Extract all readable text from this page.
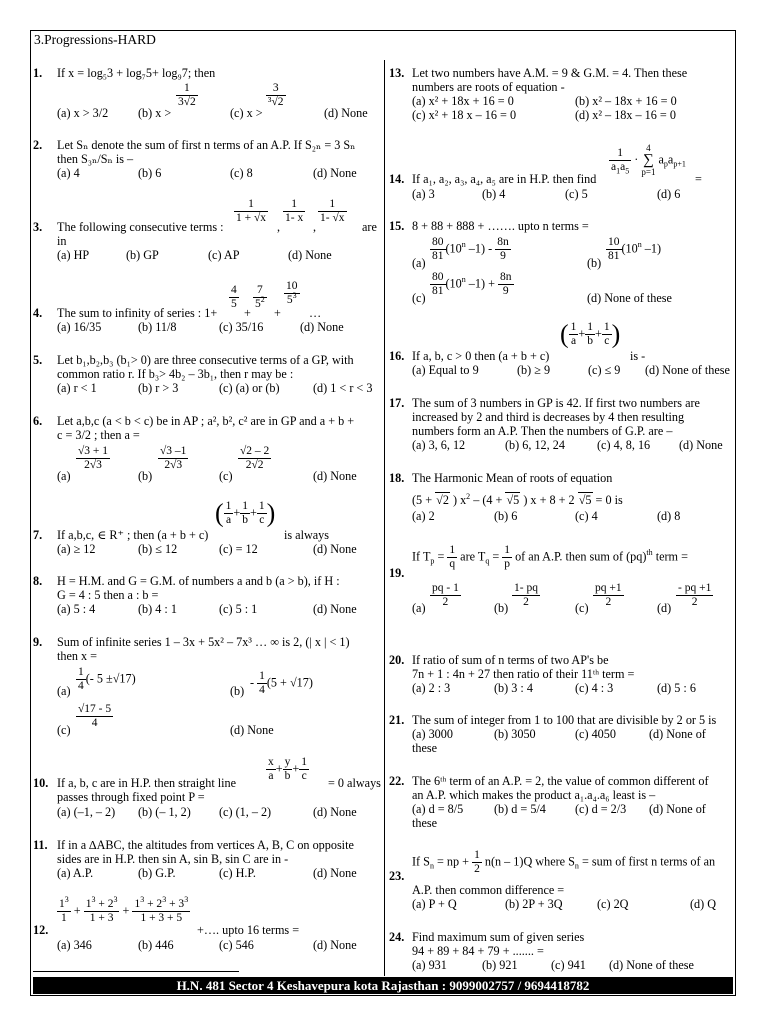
3.Progressions-HARD
1. If x = log₅3 + log₇5+ log₉7; then
(a) x > 3/2 (b) x >
$\frac{1}{3√2}$
(c) x >
$\frac{3}{\text{³√2}}$
(d) None
2. Let Sₙ denote the sum of first n terms of an A.P. If S₂ₙ = 3 Sₙ
then S₃ₙ/Sₙ is –
(a) 4	(b) 6	(c) 8	(d) None
3. The following consecutive terms :
$\frac{1}{1 + √x}$
,
$\frac{1}{1- x}$
,
$\frac{1}{1- √x}$
are
in
(a) HP	(b) GP	(c) AP	(d) None
4. The sum to infinity of series : 1+
$\frac{4}{5}$
+
$\frac{7}{5^2}$
+
$\frac{10}{5^3}$
…
(a) 16/35	(b) 11/8	(c) 35/16	(d) None
5. Let b₁,b₂,b₃ (b₁> 0) are three consecutive terms of a GP, with
common ratio r. If b₃> 4b₂ – 3b₁, then r may be :
(a) r < 1	(b) r > 3	(c) (a) or (b)	(d) 1 < r < 3
6. Let a,b,c (a < b < c) be in AP ; a², b², c² are in GP and a + b +
c = 3/2 ; then a =
(a)
$\frac{√3 + 1}{2√3}$
(b)
$\frac{√3 -1}{2√3}$
(c)
$\frac{√2 - 2}{2√2}$
(d) None
7. If a,b,c, ∈ R⁺ ; then (a + b + c)
( $\frac{1}{a} + \frac{1}{b} + \frac{1}{c}$ )
is always
(a) ≥ 12	(b) ≤ 12	(c) = 12	(d) None
8. H = H.M. and G = G.M. of numbers a and b (a > b), if H :
G = 4 : 5 then a : b =
(a) 5 : 4	(b) 4 : 1	(c) 5 : 1	(d) None
9. Sum of infinite series 1 – 3x + 5x² – 7x³ … ∞ is 2, (| x | < 1)
then x =
$(a) \frac{1}{4}$ (- 5 ±√17)
(b)
- $\frac{1}{4} (5 + √17)$
$(c) \frac{√17 - 5}{4}$	(d) None
10. If a, b, c are in H.P. then straight line	$\frac{x}{a} + \frac{y}{b} + \frac{1}{c} = 0$ always
passes through fixed point P =
(a) (–1, – 2) (b) (– 1, 2) (c) (1, – 2)	(d) None
11. If in a ∆ABC, the altitudes from vertices A, B, C on opposite
sides are in H.P. then sin A, sin B, sin C are in -
(a) A.P.	(b) G.P.	(c) H.P.	(d) None
12.
$\frac{1^3}{1} + \frac{1^3 + 2^3}{1 + 3} + \frac{1^3 + 2^3 + 3^3}{1 + 3 + 5}$
+…. upto 16 terms =
(a) 346	(b) 446	(c) 546	(d) None
13. Let two numbers have A.M. = 9 & G.M. = 4. Then these
numbers are roots of equation -
(a) x² + 18x + 16 = 0	(b) x² – 18x + 16 = 0
(c) x² + 18 x – 16 = 0	(d) x² – 18x – 16 = 0
14. If a₁, a₂, a₃, a₄, a₅ are in H.P. then find
$\frac{1}{a_1a_5} \cdot 4$
∑
p=1 $a_pa_{p+1}$
=
(a) 3	(b) 4	(c) 5	(d) 6
15. 8 + 88 + 888 + ……. upto n terms =
$(a) \frac{80}{81} (10^n$ $-1) - \frac{8n}{9}$	$(b) \frac{10}{81} (10^n$ –1)
$(c) \frac{80}{81} (10^n$ $-1) + \frac{8n}{9}$	(d) None of these
16. If a, b, c > 0 then (a + b + c)
( $\frac{1}{a} + \frac{1}{b} + \frac{1}{c}$ )
is -
(a) Equal to 9	(b) ≥ 9	(c) ≤ 9 (d) None of these
17. The sum of 3 numbers in GP is 42. If first two numbers are
increased by 2 and third is decreases by 4 then resulting
numbers form an A.P. Then the numbers of G.P. are –
(a) 3, 6, 12	(b) 6, 12, 24	(c) 4, 8, 16 (d) None
18. The Harmonic Mean of roots of equation
(5 + √2 ) $x^2 - (4 + √5$ ) x + 8 + 2 √5 = 0 is
(a) 2	(b) 6	(c) 4	(d) 8
19.
If $T_p = \frac{1}{q}$ are $T_q = \frac{1}{p}$ of an A.P. then sum of (pq)$^{th}$ term =
$(a) \frac{pq - 1}{2}$	$(b) \frac{1- pq}{2}$	$(c) \frac{pq +1}{2}$	$(d) \frac{- pq +1}{2}$
20. If ratio of sum of n terms of two AP's be
7n + 1 : 4n + 27 then ratio of their 11ᵗʰ term =
(a) 2 : 3	(b) 3 : 4	(c) 4 : 3	(d) 5 : 6
21. The sum of integer from 1 to 100 that are divisible by 2 or 5 is
(a) 3000	(b) 3050	(c) 4050	(d) None of
these
22. The 6ᵗʰ term of an A.P. = 2, the value of common different of
an A.P. which makes the product a₁.a₄.a₆ least is –
(a) d = 8/5	(b) d = 5/4 (c) d = 2/3 (d) None of
these
23.
If $S_n$ = np + $\frac{1}{2} n(n - 1)Q$ where $S_n$ = sum of first n terms of an
A.P. then common difference =
(a) P + Q	(b) 2P + 3Q	(c) 2Q	(d) Q
24. Find maximum sum of given series
94 + 89 + 84 + 79 + ....... =
(a) 931	(b) 921	(c) 941 (d) None of these
H.N. 481 Sector 4 Keshavepura kota Rajasthan : 9099002757 / 9694418782
